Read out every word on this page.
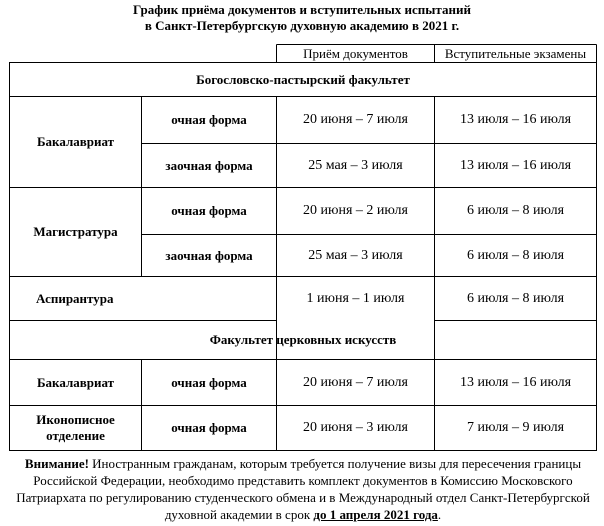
График приёма документов и вступительных испытаний
в Санкт-Петербургскую духовную академию в 2021 г.
Приём документов	Вступительные экзамены
Богословско-пастырский факультет
Бакалавриат
очная форма	20 июня – 7 июля	13 июля – 16 июля
заочная форма	25 мая – 3 июля	13 июля – 16 июля
Магистратура
очная форма	20 июня – 2 июля	6 июля – 8 июля
заочная форма	25 мая – 3 июля	6 июля – 8 июля
Аспирантура	1 июня – 1 июля	6 июля – 8 июля
Факультет церковных искусств
Бакалавриат	очная форма	20 июня – 7 июля	13 июля – 16 июля
Иконописное
отделение
очная форма	20 июня – 3 июля	7 июля – 9 июля
Внимание! Иностранным гражданам, которым требуется получение визы для пересечения границы Российской Федерации, необходимо представить комплект документов в Комиссию Московского Патриархата по регулированию студенческого обмена и в Международный отдел Санкт-Петербургской духовной академии в срок до 1 апреля 2021 года.
